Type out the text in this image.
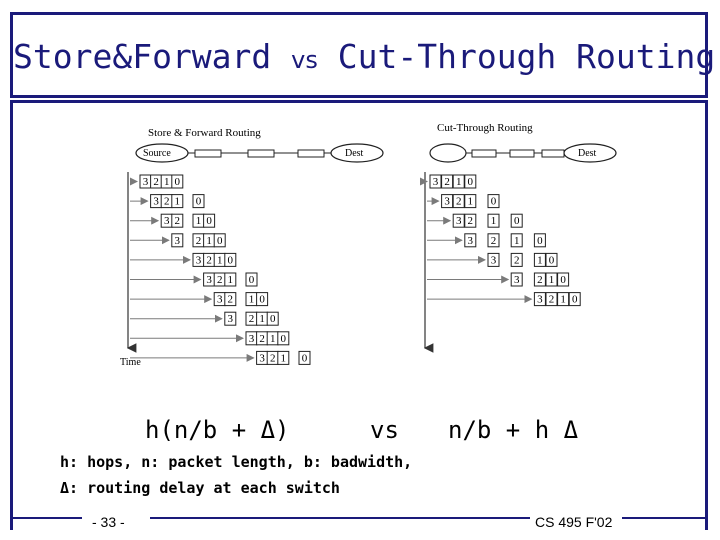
Store&Forward vs Cut-Through Routing
Store & Forward Routing
Source	Dest
Time
3 2 1 0
3 2 1 0
3 2 1 0
3 2 1 0
3 2 1 0
3 2 1 0
3 2 1 0
3 2 1 0
3 2 1 0
3 2 1 0
Cut-Through Routing
Dest
3 2 1 0
3 2 1 0
3 2 1 0
3 2 1 0
3 2 1 0
3 2 1 0
3 2 1 0
h(n/b + Δ)	vs n/b + h Δ
h: hops, n: packet length, b: badwidth,
Δ: routing delay at each switch
- 33 -	CS 495 F'02
